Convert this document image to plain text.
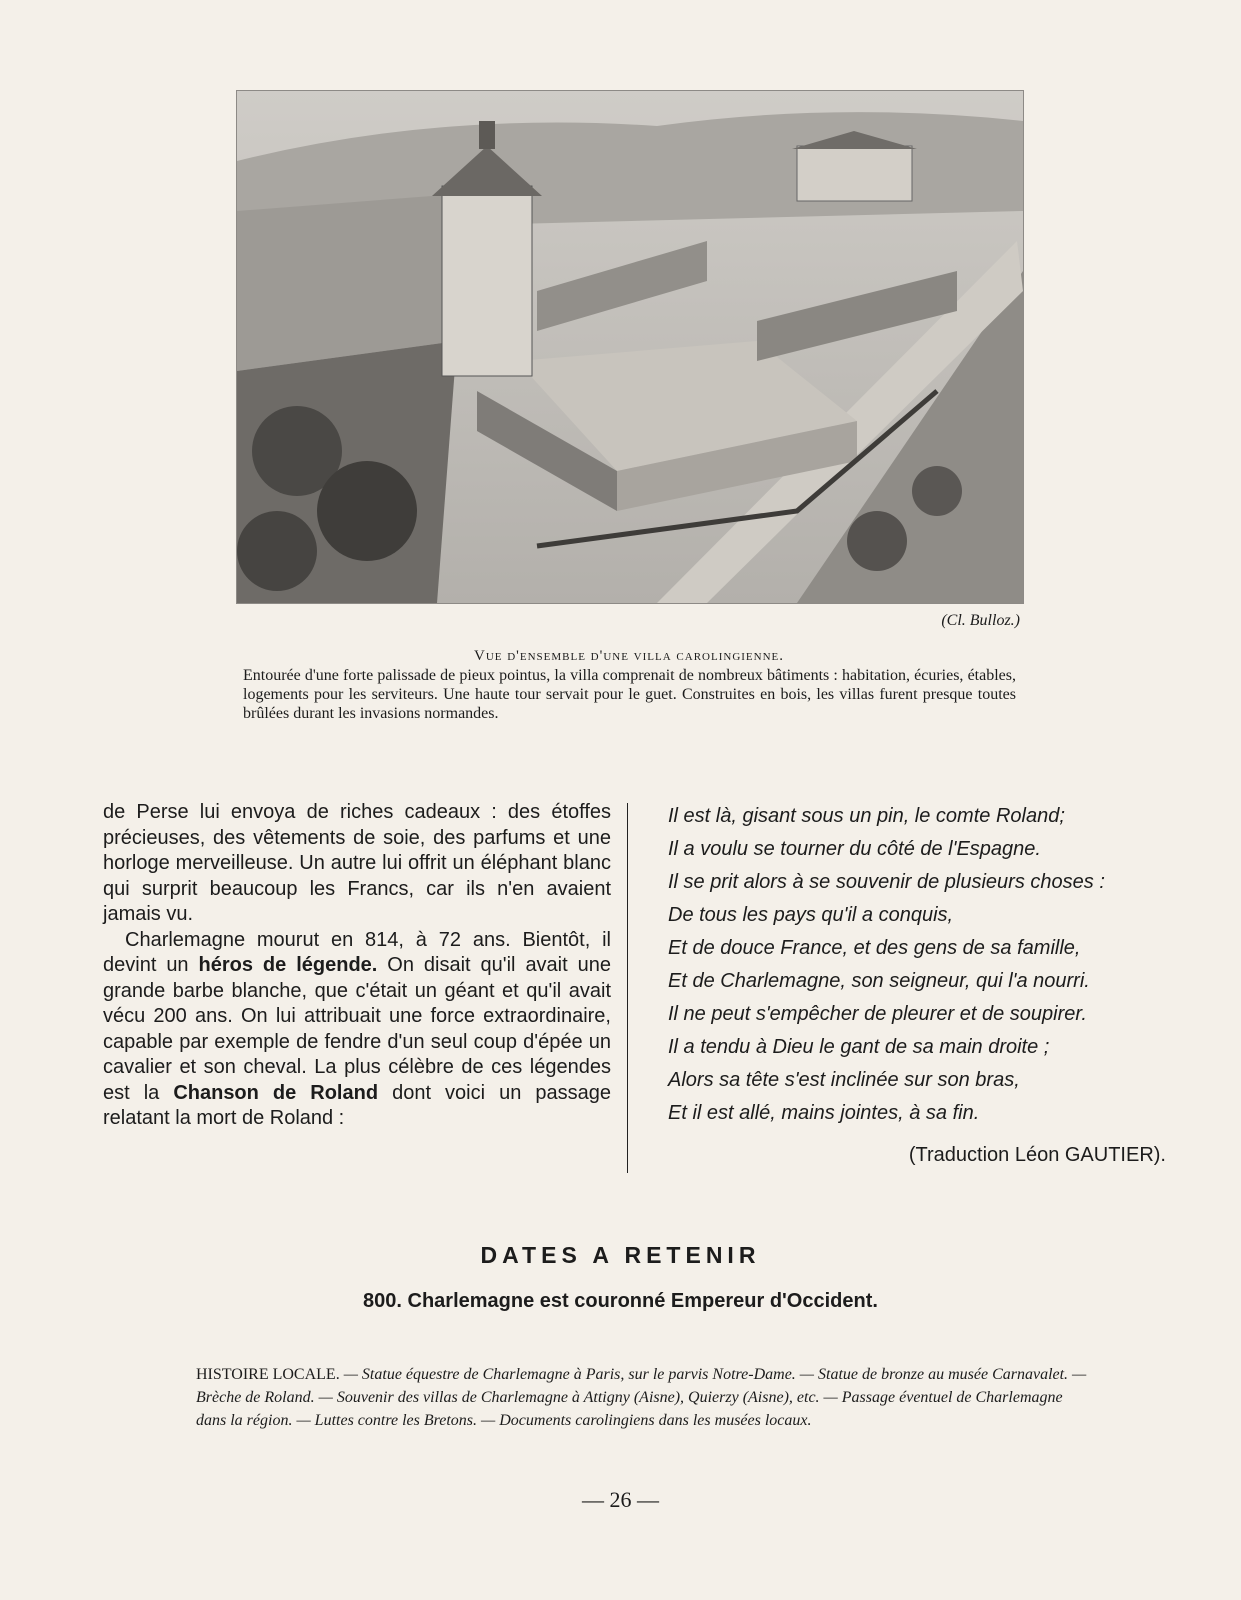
(Cl. Bulloz.)
Vue d'ensemble d'une villa carolingienne.
Entourée d'une forte palissade de pieux pointus, la villa comprenait de nombreux bâtiments : habitation, écuries, étables, logements pour les serviteurs. Une haute tour servait pour le guet. Construites en bois, les villas furent presque toutes brûlées durant les invasions normandes.

de Perse lui envoya de riches cadeaux : des étoffes précieuses, des vêtements de soie, des parfums et une horloge merveilleuse. Un autre lui offrit un éléphant blanc qui surprit beaucoup les Francs, car ils n'en avaient jamais vu.

Charlemagne mourut en 814, à 72 ans. Bientôt, il devint un héros de légende. On disait qu'il avait une grande barbe blanche, que c'était un géant et qu'il avait vécu 200 ans. On lui attribuait une force extraordinaire, capable par exemple de fendre d'un seul coup d'épée un cavalier et son cheval. La plus célèbre de ces légendes est la Chanson de Roland dont voici un passage relatant la mort de Roland :

Il est là, gisant sous un pin, le comte Roland;
Il a voulu se tourner du côté de l'Espagne.
Il se prit alors à se souvenir de plusieurs choses :
De tous les pays qu'il a conquis,
Et de douce France, et des gens de sa famille,
Et de Charlemagne, son seigneur, qui l'a nourri.
Il ne peut s'empêcher de pleurer et de soupirer.
Il a tendu à Dieu le gant de sa main droite ;
Alors sa tête s'est inclinée sur son bras,
Et il est allé, mains jointes, à sa fin.
(Traduction Léon GAUTIER).
DATES A RETENIR
800. Charlemagne est couronné Empereur d'Occident.
HISTOIRE LOCALE. — Statue équestre de Charlemagne à Paris, sur le parvis Notre-Dame. — Statue de bronze au musée Carnavalet. — Brèche de Roland. — Souvenir des villas de Charlemagne à Attigny (Aisne), Quierzy (Aisne), etc. — Passage éventuel de Charlemagne dans la région. — Luttes contre les Bretons. — Documents carolingiens dans les musées locaux.
— 26 —
